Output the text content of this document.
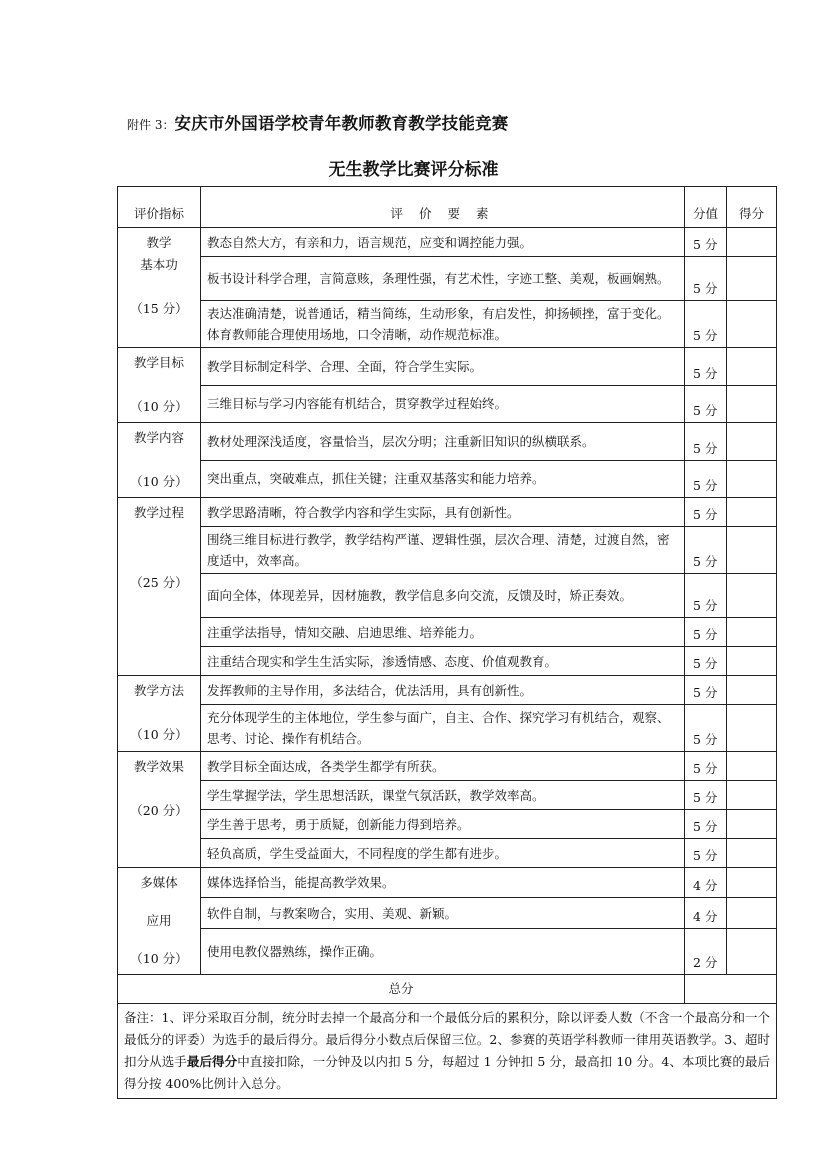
附件 3：安庆市外国语学校青年教师教育教学技能竞赛
无生教学比赛评分标准
评价指标	评 价 要 素	分值	得分

教学
基本功
（15 分）	教态自然大方，有亲和力，语言规范，应变和调控能力强。	5 分	
	板书设计科学合理，言简意赅，条理性强，有艺术性，字迹工整、美观，板画娴熟。	5 分	
	表达准确清楚，说普通话，精当简练，生动形象，有启发性，抑扬顿挫，富于变化。体育教师能合理使用场地，口令清晰，动作规范标准。	5 分	

教学目标
（10 分）	教学目标制定科学、合理、全面，符合学生实际。	5 分	
	三维目标与学习内容能有机结合，贯穿教学过程始终。	5 分	

教学内容
（10 分）	教材处理深浅适度，容量恰当，层次分明；注重新旧知识的纵横联系。	5 分	
	突出重点，突破难点，抓住关键；注重双基落实和能力培养。	5 分	

教学过程
（25 分）	教学思路清晰，符合教学内容和学生实际，具有创新性。	5 分	
	围绕三维目标进行教学，教学结构严谨、逻辑性强，层次合理、清楚，过渡自然，密度适中，效率高。	5 分	
	面向全体，体现差异，因材施教，教学信息多向交流，反馈及时，矫正奏效。	5 分	
	注重学法指导，情知交融、启迪思维、培养能力。	5 分	
	注重结合现实和学生生活实际，渗透情感、态度、价值观教育。	5 分	

教学方法
（10 分）	发挥教师的主导作用，多法结合，优法活用，具有创新性。	5 分	
	充分体现学生的主体地位，学生参与面广，自主、合作、探究学习有机结合，观察、思考、讨论、操作有机结合。	5 分	

教学效果
（20 分）	教学目标全面达成，各类学生都学有所获。	5 分	
	学生掌握学法，学生思想活跃，课堂气氛活跃，教学效率高。	5 分	
	学生善于思考，勇于质疑，创新能力得到培养。	5 分	
	轻负高质，学生受益面大，不同程度的学生都有进步。	5 分	

多媒体
应用
（10 分）	媒体选择恰当，能提高教学效果。	4 分	
	软件自制，与教案吻合，实用、美观、新颖。	4 分	
	使用电教仪器熟练，操作正确。	2 分	
总分			
备注：1、评分采取百分制，统分时去掉一个最高分和一个最低分后的累积分，除以评委人数（不含一个最高分和一个最低分的评委）为选手的最后得分。最后得分小数点后保留三位。2、参赛的英语学科教师一律用英语教学。3、超时扣分从选手最后得分中直接扣除，一分钟及以内扣 5 分，每超过 1 分钟扣 5 分，最高扣 10 分。4、本项比赛的最后得分按 400%比例计入总分。			
